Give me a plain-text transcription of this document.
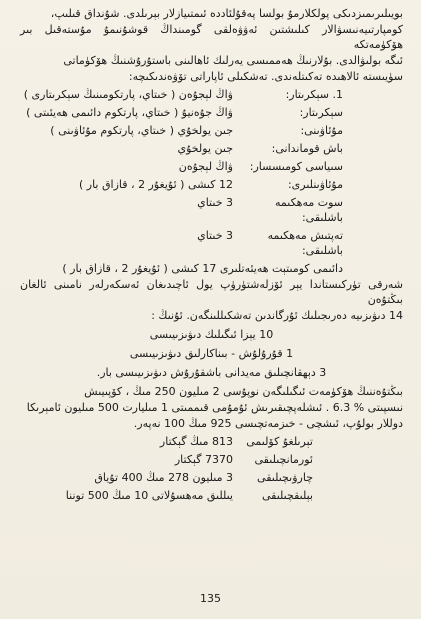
بويىلىرىمىزدىكى پولكلارمۇ بولسا پەقۇلئاددە ئىمتىيازلار بېرىلدى. شۇنداق قىلىپ،

كومپارتىيەنىسۋالار كىلىشتىن ئەۋۋەلقى گومىنداڭ قوشۇنىمۇ مۇستەقىل بىر ھۆكۈمەتكە

ئىگە بولىۋالدى. بۇلارنىڭ ھەممىسى يەرلىك ئاھالىنى باستۇرۇشنىڭ ھۆكۈماتى

سۈيىستە ئالاھىدە تەكىتلەندى. تەشكىلى ئاپاراتى تۆۋەندىكىچە:

1. سېكرىتار:
ۋاڭ لېجۇەن ( خىتاي، پارتكومىنىڭ سېكرىتارى )
سېكرىتار:
ۋاڭ جۇەنيۇ ( خىتاي، پارتكوم دائىمى ھەيئىتى )
مۇئاۋىنى:
جىن يولخۇي ( خىتاي، پارتكوم مۇئاۋىنى )
باش قوماندانى:
جىن يولخۇي
سىياسى كومىسسار:
ۋاڭ لېجۇەن
مۇئاۋىنلىرى:
12 كىشى ( ئۇيغۇر 2 ، قازاق بار )
سوت مەھكىمە باشلىقى:
3 خىتاي
تەپتىش مەھكىمە باشلىقى:
3 خىتاي

دائىمى كومىتېت ھەيئەتلىرى 17 كىشى ( ئۇيغۇر 2 ، قازاق بار )

شەرقى تۈركىستاندا يېر ئۆزلەشتۈرۈپ يول ئاچىدىغان ئەسكەرلەر نامىنى ئالغان بىڭتۇەن

14 دىۋىزىيە دەرىجىلىك ئۇرگاندىن تەشكىللىنگەن. ئۇنىڭ :

10 يېزا ئىگىلىك دىۋىزىيىسى
1 قۇرۇلۇش - بىناكارلىق دىۋىزىيىسى
3 دېھقانچىلىق مەيدانى باشقۇرۇش دىۋىزىيىسى بار.

بىڭتۇەننىڭ ھۆكۈمەت ئىگىلىگەن نوپۇسى 2 مىليون 250 مىڭ ، كۆپىيىش

نىسپىتى % 6.3 . ئىشلەپچىقىرىش ئۇمۇمى قىممىتى 1 مىليارت 500 مىليون ئامېرىكا

دوللار بولۇپ، ئىشچى - خىزمەتچىسى 925 مىڭ 100 نەپەر.

تېرىلغۇ كۆلىمى
813 مىڭ گېكتار
ئورمانچىلىقى
7370 گېكتار
چارۋىچىلىقى
3 مىليون 278 مىڭ 400 تۇياق
بېلىقچىلىقى
يىللىق مەھسۇلاتى 10 مىڭ 500 توننا
135
